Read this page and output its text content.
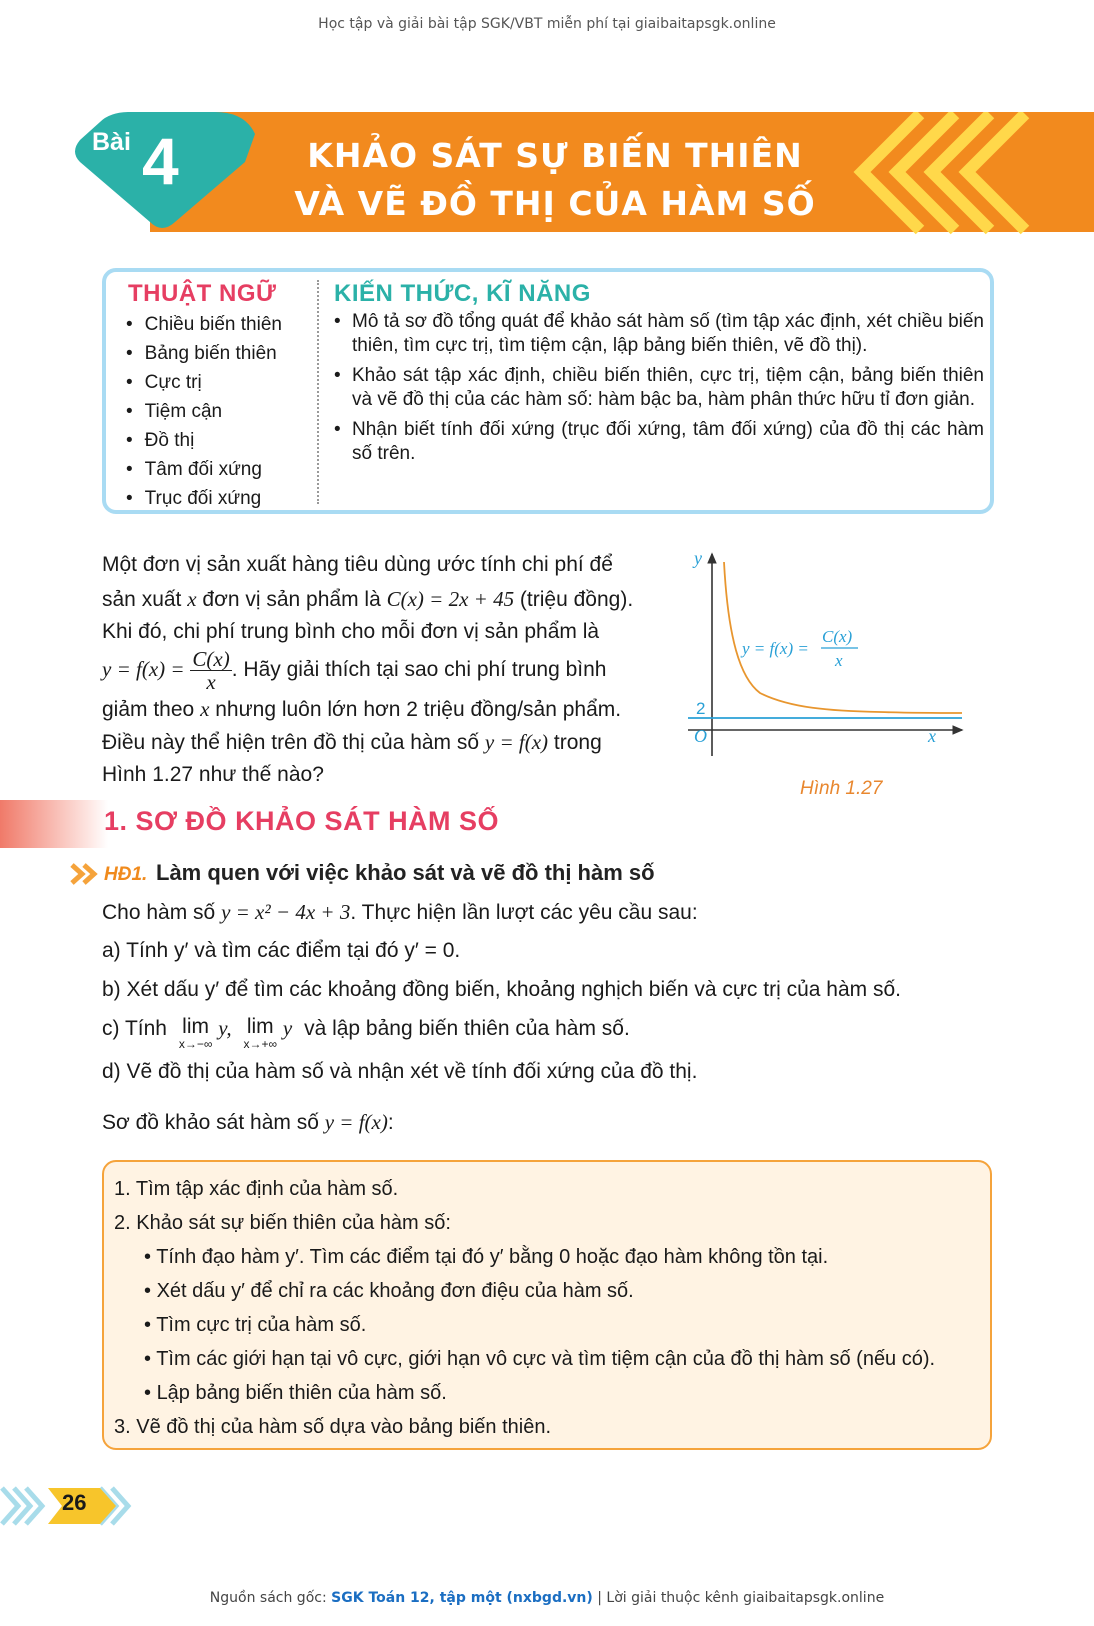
Học tập và giải bài tập SGK/VBT miễn phí tại giaibaitapsgk.online
Bài 4	KHẢO SÁT SỰ BIẾN THIÊN
VÀ VẼ ĐỒ THỊ CỦA HÀM SỐ
THUẬT NGỮ KIẾN THỨC, KĨ NĂNG
• Chiều biến thiên
• Bảng biến thiên
• Cực trị
• Tiệm cận
• Đồ thị
• Tâm đối xứng
• Trục đối xứng
• Mô tả sơ đồ tổng quát để khảo sát hàm số (tìm tập xác định, xét chiều biến thiên, tìm cực trị, tìm tiệm cận, lập bảng biến thiên, vẽ đồ thị).
• Khảo sát tập xác định, chiều biến thiên, cực trị, tiệm cận, bảng biến thiên và vẽ đồ thị của các hàm số: hàm bậc ba, hàm phân thức hữu tỉ đơn giản.
• Nhận biết tính đối xứng (trục đối xứng, tâm đối xứng) của đồ thị các hàm số trên.
Một đơn vị sản xuất hàng tiêu dùng ước tính chi phí để
sản xuất x đơn vị sản phẩm là C(x) = 2x + 45 (triệu đồng).
Khi đó, chi phí trung bình cho mỗi đơn vị sản phẩm là
$y = f(x) = \frac{C(x)}{x}$ . Hãy giải thích tại sao chi phí trung bình
giảm theo x nhưng luôn lớn hơn 2 triệu đồng/sản phẩm.
Điều này thể hiện trên đồ thị của hàm số y = f(x) trong
Hình 1.27 như thế nào?
y
x
O
2
y = f(x) =
C(x)
x
Hình 1.27
1. SƠ ĐỒ KHẢO SÁT HÀM SỐ
HĐ1. Làm quen với việc khảo sát và vẽ đồ thị hàm số
Cho hàm số y = x² − 4x + 3. Thực hiện lần lượt các yêu cầu sau:
a) Tính y′ và tìm các điểm tại đó y′ = 0.
b) Xét dấu y′ để tìm các khoảng đồng biến, khoảng nghịch biến và cực trị của hàm số.
c) Tính lim
x→−∞
y, lim
x→+∞
y và lập bảng biến thiên của hàm số.
d) Vẽ đồ thị của hàm số và nhận xét về tính đối xứng của đồ thị.
Sơ đồ khảo sát hàm số y = f(x):
1. Tìm tập xác định của hàm số.
2. Khảo sát sự biến thiên của hàm số:
• Tính đạo hàm y′. Tìm các điểm tại đó y′ bằng 0 hoặc đạo hàm không tồn tại.
• Xét dấu y′ để chỉ ra các khoảng đơn điệu của hàm số.
• Tìm cực trị của hàm số.
• Tìm các giới hạn tại vô cực, giới hạn vô cực và tìm tiệm cận của đồ thị hàm số (nếu có).
• Lập bảng biến thiên của hàm số.
3. Vẽ đồ thị của hàm số dựa vào bảng biến thiên.
26
Nguồn sách gốc: SGK Toán 12, tập một (nxbgd.vn) | Lời giải thuộc kênh giaibaitapsgk.online
